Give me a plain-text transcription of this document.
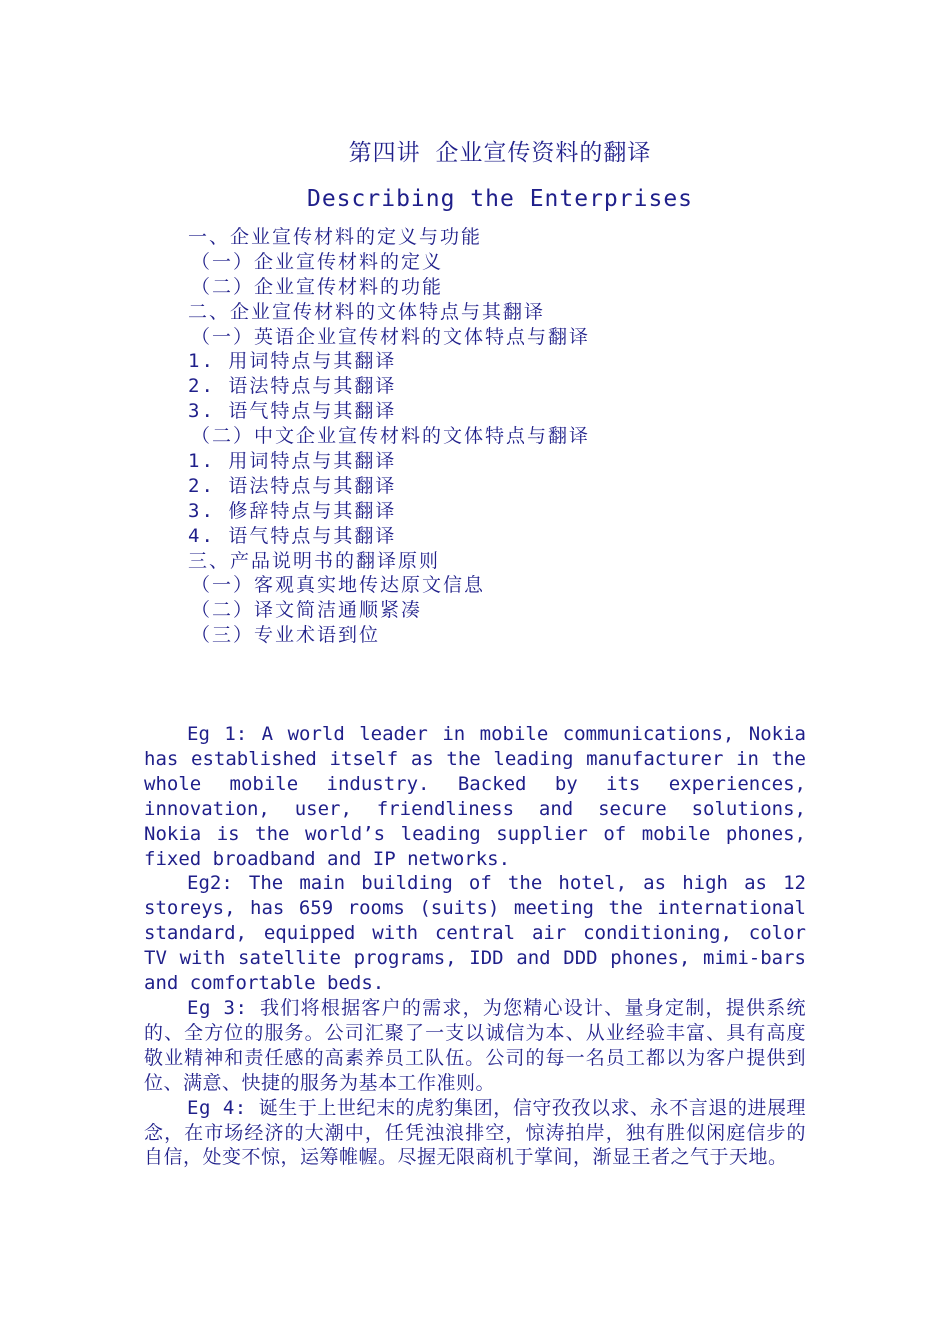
第四讲 企业宣传资料的翻译
Describing the Enterprises
一、企业宣传材料的定义与功能
（一）企业宣传材料的定义
（二）企业宣传材料的功能
二、企业宣传材料的文体特点与其翻译
（一）英语企业宣传材料的文体特点与翻译
1. 用词特点与其翻译
2. 语法特点与其翻译
3. 语气特点与其翻译
（二）中文企业宣传材料的文体特点与翻译
1. 用词特点与其翻译
2. 语法特点与其翻译
3. 修辞特点与其翻译
4. 语气特点与其翻译
三、产品说明书的翻译原则
（一）客观真实地传达原文信息
（二）译文简洁通顺紧凑
（三）专业术语到位

Eg 1: A world leader in mobile communications, Nokia has established itself as the leading manufacturer in the whole mobile industry. Backed by its experiences, innovation, user, friendliness and secure solutions, Nokia is the world’s leading supplier of mobile phones, fixed broadband and IP networks.

Eg2: The main building of the hotel, as high as 12 storeys, has 659 rooms (suits) meeting the international standard, equipped with central air conditioning, color TV with satellite programs, IDD and DDD phones, mimi-bars and comfortable beds.

Eg 3: 我们将根据客户的需求，为您精心设计、量身定制，提供系统的、全方位的服务。公司汇聚了一支以诚信为本、从业经验丰富、具有高度敬业精神和责任感的高素养员工队伍。公司的每一名员工都以为客户提供到位、满意、快捷的服务为基本工作准则。

Eg 4: 诞生于上世纪末的虎豹集团，信守孜孜以求、永不言退的进展理念，在市场经济的大潮中，任凭浊浪排空，惊涛拍岸，独有胜似闲庭信步的自信，处变不惊，运筹帷幄。尽握无限商机于掌间，渐显王者之气于天地。
